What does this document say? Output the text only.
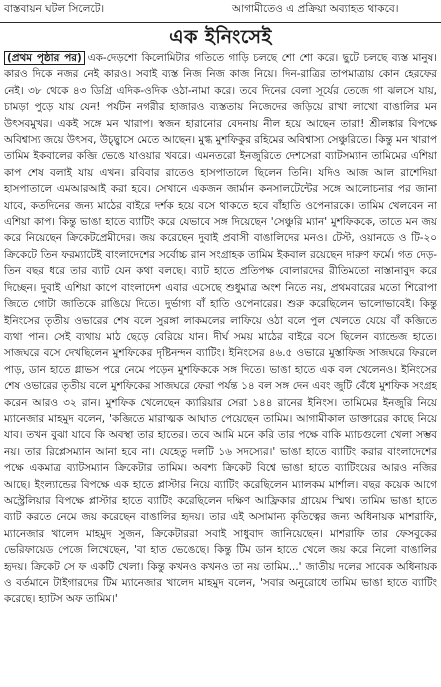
বাস্তবায়ন ঘটল সিলেটে।	আগামীতেও এ প্রক্রিয়া অব্যাহত থাকবে।
এক ইনিংসেই
(প্রথম পৃষ্ঠার পর) এক-দেড়শো কিলোমিটার গতিতে গাড়ি চলছে শো শো করে। ছুটে চলছে ব্যস্ত মানুষ। কারও দিকে নজর নেই কারও। সবাই ব্যস্ত নিজ নিজ কাজ নিয়ে। দিন-রাত্রির তাপমাত্রায় কোন হেরফের নেই। ৩৮ থেকে ৪৩ ডিগ্রি এদিক-ওদিক ওঠা-নামা করে। তবে দিনের বেলা সূর্যের তেজে গা ঝলসে যায়, চামড়া পুড়ে যায় যেন! পর্যটন নগরীর হাজারও ব্যস্ততায় নিজেদের জড়িয়ে রাখা লাখো বাঙালির মন উৎসবমুখর। একই সঙ্গে মন খারাপ। স্বজন হারানোর বেদনায় নীল হয়ে আছেন তারা! শ্রীলঙ্কার বিপক্ষে অবিশ্বাস্য জয়ে উৎসব, উচ্ছ্বাসে মেতে আছেন। মুগ্ধ মুশফিকুর রহিমের অবিশ্বাস্য সেঞ্চুরিতে। কিন্তু মন খারাপ তামিম ইকবালের কব্জি ভেঙে যাওয়ার খবরে। এমনতরো ইনজুরিতে দেশসেরা ব্যাটসম্যান তামিমের এশিয়া কাপ শেষ বলাই যায় এখন। রবিবার রাতেও হাসপাতালে ছিলেন তিনি। যদিও আজ আল রাশেদিয়া হাসপাতালে এমআরআই করা হবে। সেখানে একজন জার্মান কনসালটেন্টের সঙ্গে আলোচনার পর জানা যাবে, কতদিনের জন্য মাঠের বাইরে দর্শক হয়ে বসে থাকতে হবে বাঁহাতি ওপেনারকে। তামিম খেলবেন না এশিয়া কাপ। কিন্তু ভাঙা হাতে ব্যাটিং করে যেভাবে সঙ্গ দিয়েছেন 'সেঞ্চুরি ম্যান' মুশফিককে, তাতে মন জয় করে নিয়েছেন ক্রিকেটপ্রেমীদের। জয় করেছেন দুবাই প্রবাসী বাঙালিদের মনও। টেস্ট, ওয়ানডে ও টি-২০ ক্রিকেটে তিন ফরম্যাটেই বাংলাদেশের সর্বোচ্চ রান সংগ্রাহক তামিম ইকবাল রয়েছেন দারুণ ফর্মে। গত দেড়-তিন বছর ধরে তার ব্যাট যেন কথা বলছে। ব্যাট হাতে প্রতিপক্ষ বোলারদের রীতিমতো নাস্তানাবুদ করে দিচ্ছেন। দুবাই এশিয়া কাপে বাংলাদেশ এবার এসেছে শুধুমাত্র অংশ নিতে নয়, প্রথমবারের মতো শিরোপা জিতে গোটা জাতিকে রাঙিয়ে দিতে। দুর্ভাগ্য বাঁ হাতি ওপেনারের। শুরু করেছিলেন ভালোভাবেই। কিন্তু ইনিংসের তৃতীয় ওভারের শেষ বলে সুরঙ্গা লাকমলের লাফিয়ে ওঠা বলে পুল খেলতে যেয়ে বাঁ কব্জিতে ব্যথা পান। সেই ব্যথায় মাঠ ছেড়ে বেরিয়ে যান। দীর্ঘ সময় মাঠের বাইরে বসে ছিলেন ব্যান্ডেজ হাতে। সাজঘরে বসে দেখছিলেন মুশফিকের দৃষ্টিনন্দন ব্যাটিং। ইনিংসের ৪৬.৫ ওভারে মুস্তাফিজ সাজঘরে ফিরলে পাড়, ডান হাতে গ্লাভস পরে নেমে পড়েন মুশফিককে সঙ্গ দিতে। ভাঙা হাতে এক বল খেলেনও। ইনিংসের শেষ ওভারের তৃতীয় বলে মুশফিকের সাজঘরে ফেরা পর্যন্ত ১৪ বল সঙ্গ দেন এবং জুটি বেঁধে মুশফিক সংগ্রহ করেন আরও ৩২ রান। মুশফিক খেলেছেন ক্যারিয়ার সেরা ১৪৪ রানের ইনিংস। তামিমের ইনজুরি নিয়ে ম্যানেজার মাহমুদ বলেন, 'কব্জিতে মারাত্মক আঘাত পেয়েছেন তামিম। আগামীকাল ডাক্তারের কাছে নিয়ে যাব। তখন বুঝা যাবে কি অবস্থা তার হাতের। তবে আমি মনে করি তার পক্ষে বাকি ম্যাচগুলো খেলা সম্ভব নয়। তার রিপ্লেসম্যান আনা হবে না। যেহেতু দলটি ১৬ সদস্যের।' ভাঙা হাতে ব্যাটিং করার বাংলাদেশের পক্ষে একমাত্র ব্যাটসম্যান ক্রিকেটার তামিম। অবশ্য ক্রিকেট বিশ্বে ভাঙা হাতে ব্যাটিংয়ের আরও নজির আছে। ইংল্যান্ডের বিপক্ষে এক হাতে প্লাস্টার নিয়ে ব্যাটিং করেছিলেন ম্যালকম মার্শাল। বছর কয়েক আগে অস্ট্রেলিয়ার বিপক্ষে প্লাস্টার হাতে ব্যাটিং করেছিলেন দক্ষিণ আফ্রিকার গ্রায়েম স্মিথ। তামিম ভাঙা হাতে ব্যাট করতে নেমে জয় করেছেন বাঙালির হৃদয়। তার এই অসামান্য কৃতিত্বের জন্য অধিনায়ক মাশরাফি, ম্যানেজার খালেদ মাহমুদ সুজন, ক্রিকেটাররা সবাই সাধুবাদ জানিয়েছেন। মাশরাফি তার ফেসবুকের ভেরিফায়েড পেজে লিখেছেন, 'বা হাত ভেঙেছে। কিন্তু টিম ডান হাতে খেলে জয় করে নিলো বাঙালির হৃদয়। ক্রিকেট সে ফ একটি খেলা। কিন্তু কখনও কখনও তা নয় তামিম...' জাতীয় দলের সাবেক অধিনায়ক ও বর্তমানে টাইগারদের টিম ম্যানেজার খালেদ মাহমুদ বলেন, 'সবার অনুরোধে তামিম ভাঙা হাতে ব্যাটিং করেছে। হ্যাটস অফ তামিম।'
